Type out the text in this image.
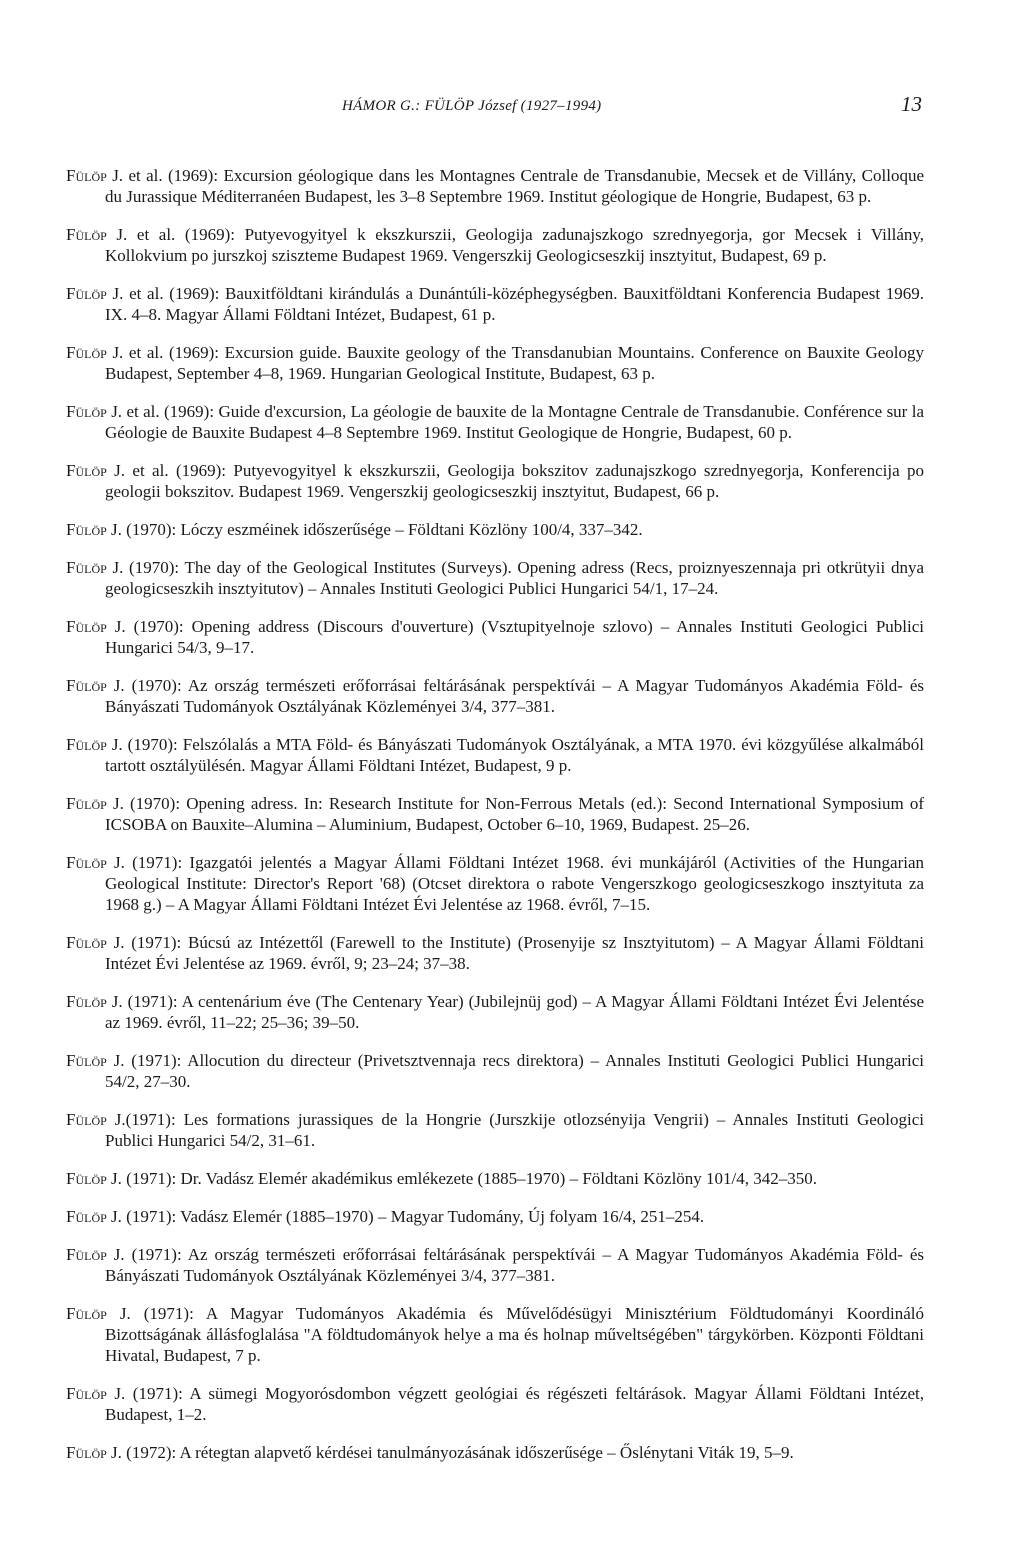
HÁMOR G.: FÜLÖP József (1927–1994)	13

Fülöp J. et al. (1969): Excursion géologique dans les Montagnes Centrale de Transdanubie, Mecsek et de Villány, Colloque du Jurassique Méditerranéen Budapest, les 3–8 Septembre 1969. Institut géologique de Hongrie, Budapest, 63 p.

Fülöp J. et al. (1969): Putyevogyityel k ekszkurszii, Geologija zadunajszkogo szrednyegorja, gor Mecsek i Villány, Kollokvium po jurszkoj sziszteme Budapest 1969. Vengerszkij Geologicseszkij insztyitut, Budapest, 69 p.

Fülöp J. et al. (1969): Bauxitföldtani kirándulás a Dunántúli-középhegységben. Bauxitföldtani Konferencia Budapest 1969. IX. 4–8. Magyar Állami Földtani Intézet, Budapest, 61 p.

Fülöp J. et al. (1969): Excursion guide. Bauxite geology of the Transdanubian Mountains. Conference on Bauxite Geology Budapest, September 4–8, 1969. Hungarian Geological Institute, Budapest, 63 p.

Fülöp J. et al. (1969): Guide d'excursion, La géologie de bauxite de la Montagne Centrale de Transdanubie. Conférence sur la Géologie de Bauxite Budapest 4–8 Septembre 1969. Institut Geologique de Hongrie, Budapest, 60 p.

Fülöp J. et al. (1969): Putyevogyityel k ekszkurszii, Geologija bokszitov zadunajszkogo szrednyegorja, Konferencija po geologii bokszitov. Budapest 1969. Vengerszkij geologicseszkij insztyitut, Budapest, 66 p.

Fülöp J. (1970): Lóczy eszméinek időszerűsége – Földtani Közlöny 100/4, 337–342.

Fülöp J. (1970): The day of the Geological Institutes (Surveys). Opening adress (Recs, proiznyeszennaja pri otkrütyii dnya geologicseszkih insztyitutov) – Annales Instituti Geologici Publici Hungarici 54/1, 17–24.

Fülöp J. (1970): Opening address (Discours d'ouverture) (Vsztupityelnoje szlovo) – Annales Instituti Geologici Publici Hungarici 54/3, 9–17.

Fülöp J. (1970): Az ország természeti erőforrásai feltárásának perspektívái – A Magyar Tudományos Akadémia Föld- és Bányászati Tudományok Osztályának Közleményei 3/4, 377–381.

Fülöp J. (1970): Felszólalás a MTA Föld- és Bányászati Tudományok Osztályának, a MTA 1970. évi közgyűlése alkalmából tartott osztályülésén. Magyar Állami Földtani Intézet, Budapest, 9 p.

Fülöp J. (1970): Opening adress. In: Research Institute for Non-Ferrous Metals (ed.): Second International Symposium of ICSOBA on Bauxite–Alumina – Aluminium, Budapest, October 6–10, 1969, Budapest. 25–26.

Fülöp J. (1971): Igazgatói jelentés a Magyar Állami Földtani Intézet 1968. évi munkájáról (Activities of the Hungarian Geological Institute: Director's Report '68) (Otcset direktora o rabote Vengerszkogo geologicseszkogo insztyituta za 1968 g.) – A Magyar Állami Földtani Intézet Évi Jelentése az 1968. évről, 7–15.

Fülöp J. (1971): Búcsú az Intézettől (Farewell to the Institute) (Prosenyije sz Insztyitutom) – A Magyar Állami Földtani Intézet Évi Jelentése az 1969. évről, 9; 23–24; 37–38.

Fülöp J. (1971): A centenárium éve (The Centenary Year) (Jubilejnüj god) – A Magyar Állami Földtani Intézet Évi Jelentése az 1969. évről, 11–22; 25–36; 39–50.

Fülöp J. (1971): Allocution du directeur (Privetsztvennaja recs direktora) – Annales Instituti Geologici Publici Hungarici 54/2, 27–30.

Fülöp J.(1971): Les formations jurassiques de la Hongrie (Jurszkije otlozsényija Vengrii) – Annales Instituti Geologici Publici Hungarici 54/2, 31–61.

Fülöp J. (1971): Dr. Vadász Elemér akadémikus emlékezete (1885–1970) – Földtani Közlöny 101/4, 342–350.

Fülöp J. (1971): Vadász Elemér (1885–1970) – Magyar Tudomány, Új folyam 16/4, 251–254.

Fülöp J. (1971): Az ország természeti erőforrásai feltárásának perspektívái – A Magyar Tudományos Akadémia Föld- és Bányászati Tudományok Osztályának Közleményei 3/4, 377–381.

Fülöp J. (1971): A Magyar Tudományos Akadémia és Művelődésügyi Minisztérium Földtudományi Koordináló Bizottságának állásfoglalása "A földtudományok helye a ma és holnap műveltségében" tárgykörben. Központi Földtani Hivatal, Budapest, 7 p.

Fülöp J. (1971): A sümegi Mogyorósdombon végzett geológiai és régészeti feltárások. Magyar Állami Földtani Intézet, Budapest, 1–2.

Fülöp J. (1972): A rétegtan alapvető kérdései tanulmányozásának időszerűsége – Őslénytani Viták 19, 5–9.
